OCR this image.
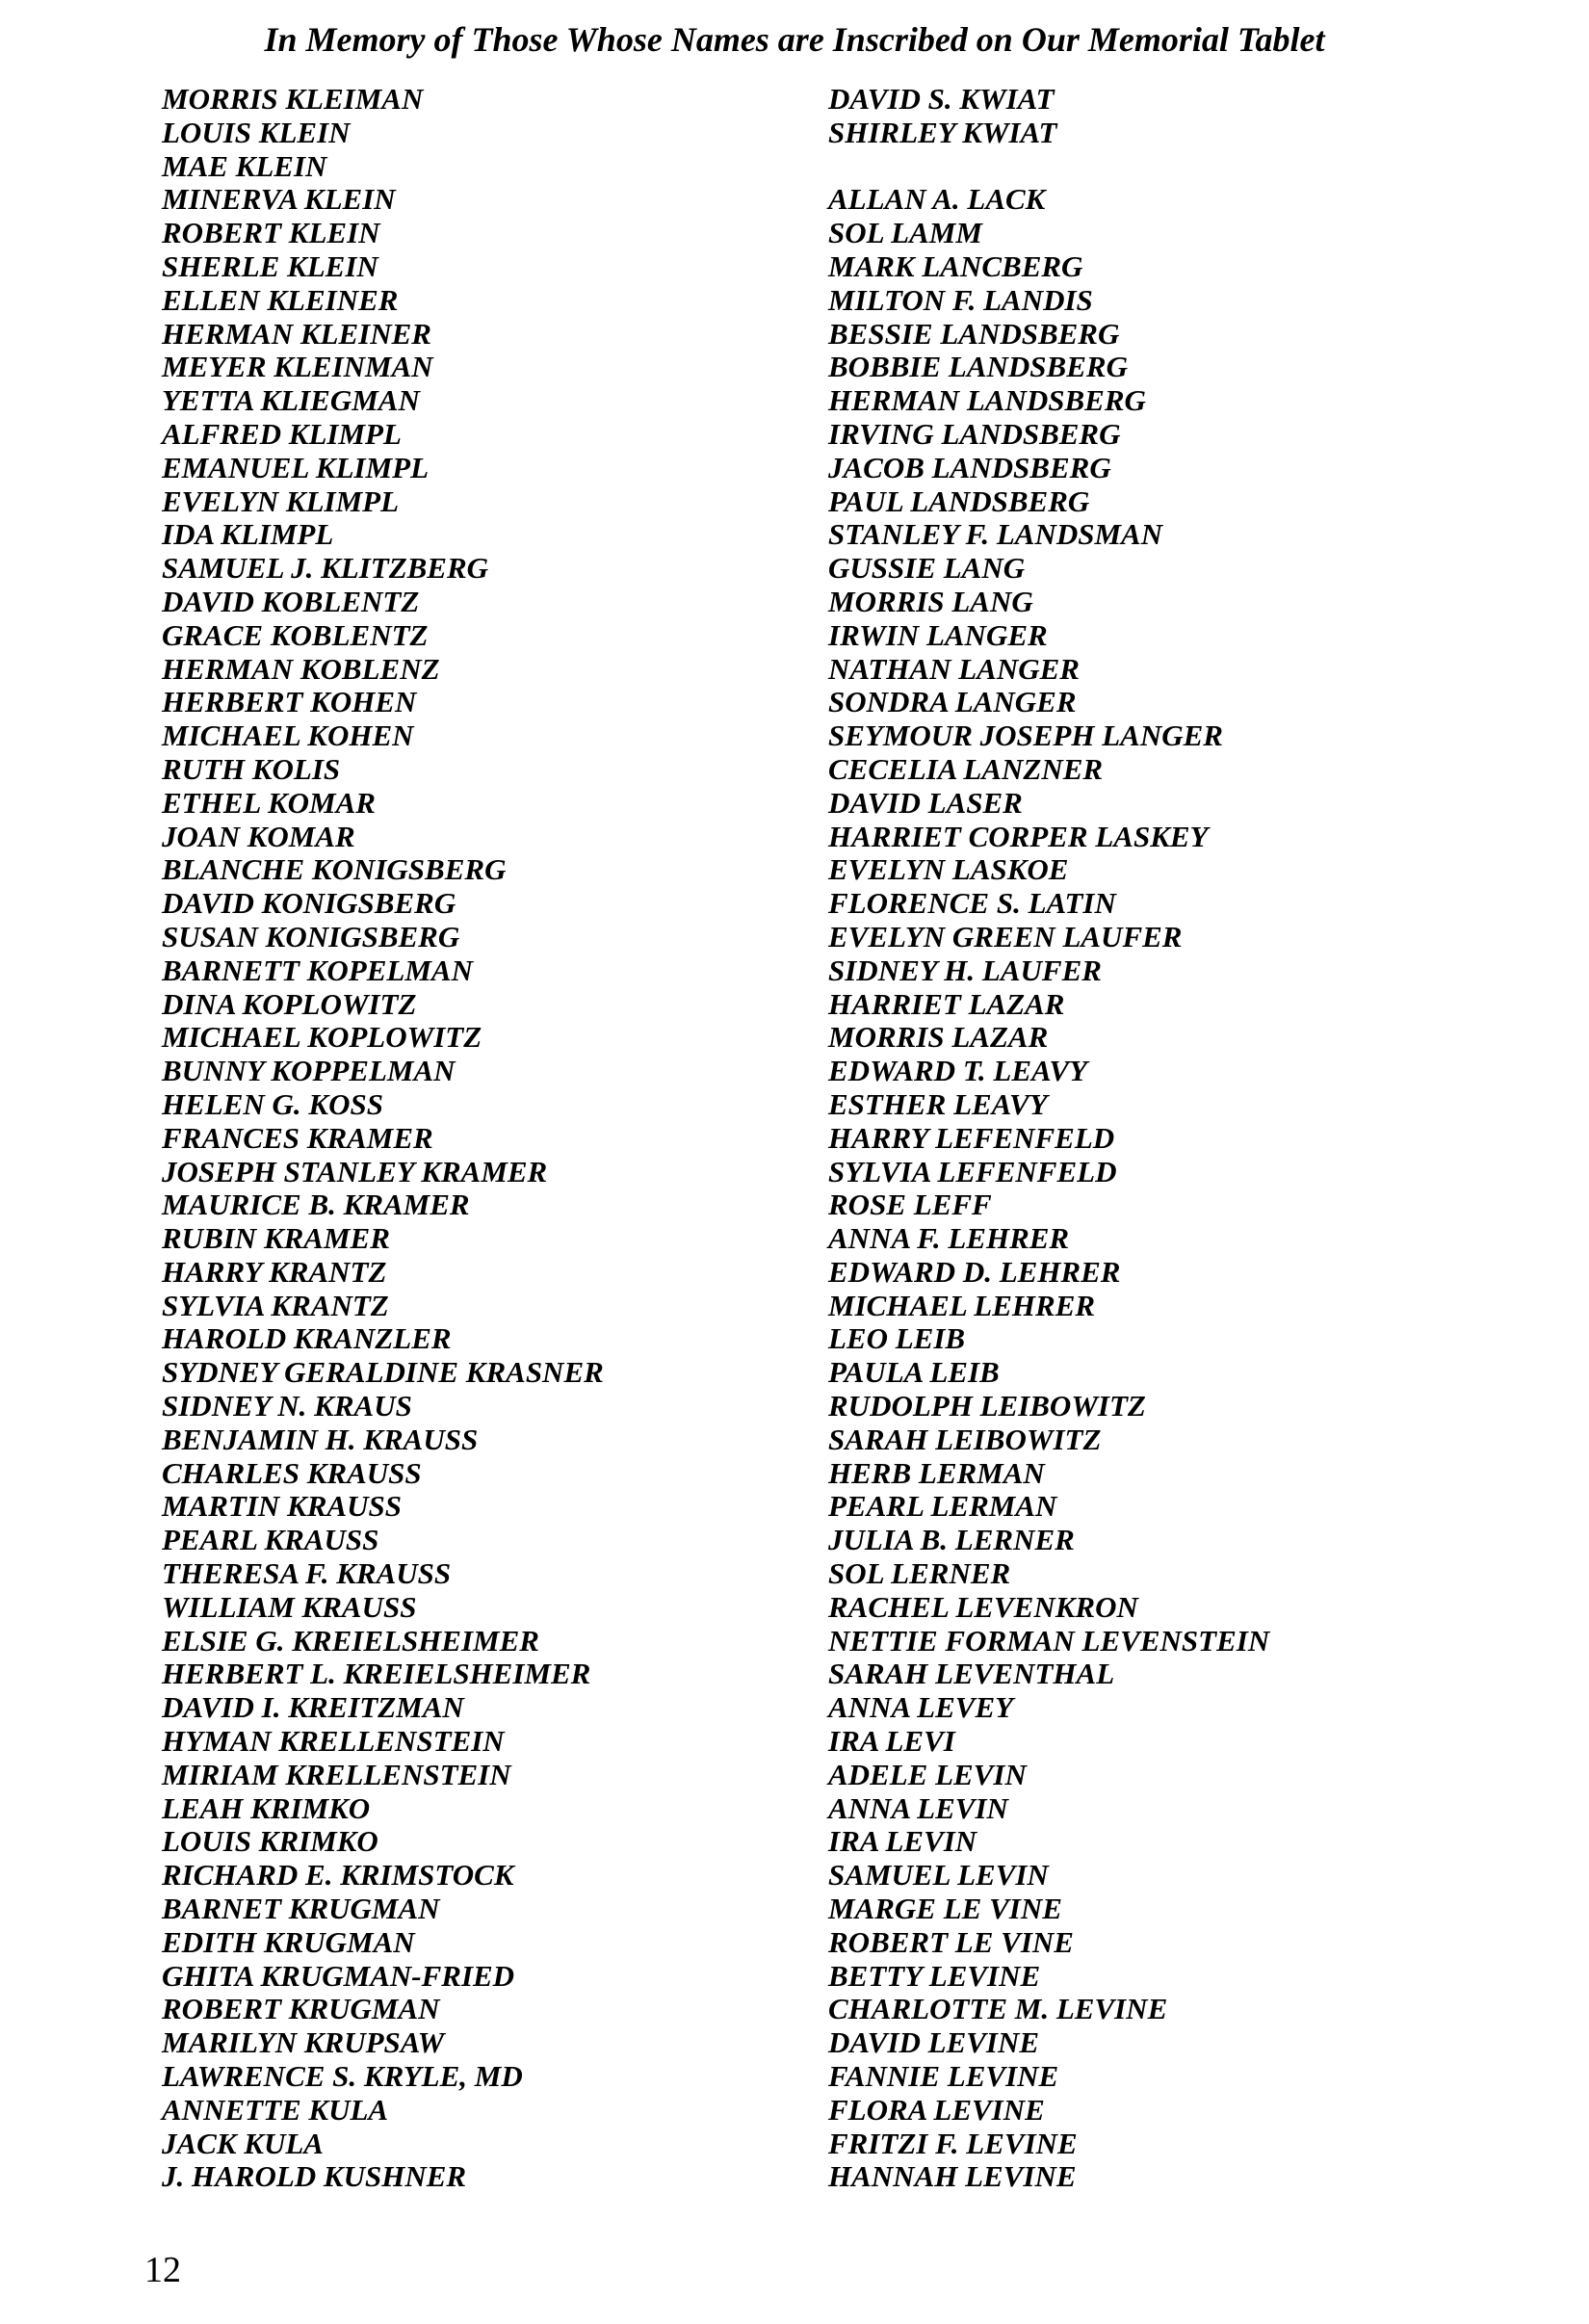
In Memory of Those Whose Names are Inscribed on Our Memorial Tablet
MORRIS KLEIMAN
LOUIS KLEIN
MAE KLEIN
MINERVA KLEIN
ROBERT KLEIN
SHERLE KLEIN
ELLEN KLEINER
HERMAN KLEINER
MEYER KLEINMAN
YETTA KLIEGMAN
ALFRED KLIMPL
EMANUEL KLIMPL
EVELYN KLIMPL
IDA KLIMPL
SAMUEL J. KLITZBERG
DAVID KOBLENTZ
GRACE KOBLENTZ
HERMAN KOBLENZ
HERBERT KOHEN
MICHAEL KOHEN
RUTH KOLIS
ETHEL KOMAR
JOAN KOMAR
BLANCHE KONIGSBERG
DAVID KONIGSBERG
SUSAN KONIGSBERG
BARNETT KOPELMAN
DINA KOPLOWITZ
MICHAEL KOPLOWITZ
BUNNY KOPPELMAN
HELEN G. KOSS
FRANCES KRAMER
JOSEPH STANLEY KRAMER
MAURICE B. KRAMER
RUBIN KRAMER
HARRY KRANTZ
SYLVIA KRANTZ
HAROLD KRANZLER
SYDNEY GERALDINE KRASNER
SIDNEY N. KRAUS
BENJAMIN H. KRAUSS
CHARLES KRAUSS
MARTIN KRAUSS
PEARL KRAUSS
THERESA F. KRAUSS
WILLIAM KRAUSS
ELSIE G. KREIELSHEIMER
HERBERT L. KREIELSHEIMER
DAVID I. KREITZMAN
HYMAN KRELLENSTEIN
MIRIAM KRELLENSTEIN
LEAH KRIMKO
LOUIS KRIMKO
RICHARD E. KRIMSTOCK
BARNET KRUGMAN
EDITH KRUGMAN
GHITA KRUGMAN-FRIED
ROBERT KRUGMAN
MARILYN KRUPSAW
LAWRENCE S. KRYLE, MD
ANNETTE KULA
JACK KULA
J. HAROLD KUSHNER
DAVID S. KWIAT
SHIRLEY KWIAT
ALLAN A. LACK
SOL LAMM
MARK LANCBERG
MILTON F. LANDIS
BESSIE LANDSBERG
BOBBIE LANDSBERG
HERMAN LANDSBERG
IRVING LANDSBERG
JACOB LANDSBERG
PAUL LANDSBERG
STANLEY F. LANDSMAN
GUSSIE LANG
MORRIS LANG
IRWIN LANGER
NATHAN LANGER
SONDRA LANGER
SEYMOUR JOSEPH LANGER
CECELIA LANZNER
DAVID LASER
HARRIET CORPER LASKEY
EVELYN LASKOE
FLORENCE S. LATIN
EVELYN GREEN LAUFER
SIDNEY H. LAUFER
HARRIET LAZAR
MORRIS LAZAR
EDWARD T. LEAVY
ESTHER LEAVY
HARRY LEFENFELD
SYLVIA LEFENFELD
ROSE LEFF
ANNA F. LEHRER
EDWARD D. LEHRER
MICHAEL LEHRER
LEO LEIB
PAULA LEIB
RUDOLPH LEIBOWITZ
SARAH LEIBOWITZ
HERB LERMAN
PEARL LERMAN
JULIA B. LERNER
SOL LERNER
RACHEL LEVENKRON
NETTIE FORMAN LEVENSTEIN
SARAH LEVENTHAL
ANNA LEVEY
IRA LEVI
ADELE LEVIN
ANNA LEVIN
IRA LEVIN
SAMUEL LEVIN
MARGE LE VINE
ROBERT LE VINE
BETTY LEVINE
CHARLOTTE M. LEVINE
DAVID LEVINE
FANNIE LEVINE
FLORA LEVINE
FRITZI F. LEVINE
HANNAH LEVINE
12
